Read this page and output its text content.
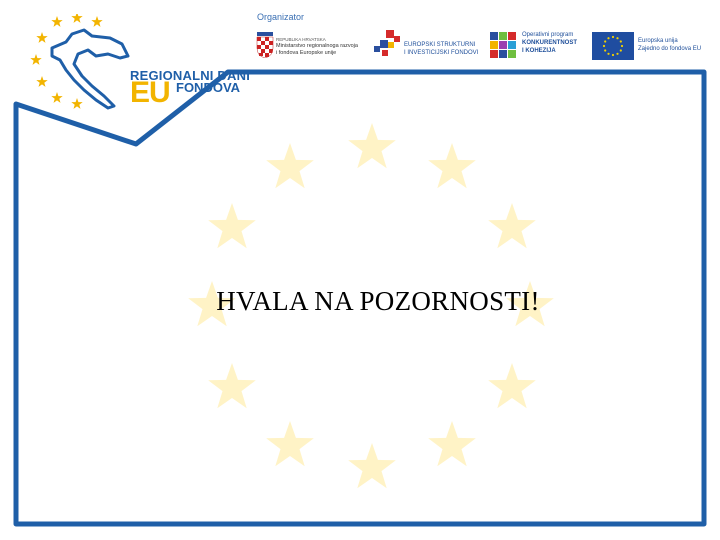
REGIONALNI DANI
EU FONDOVA
Organizator
REPUBLIKA HRVATSKA
Ministarstvo regionalnoga razvoja
i fondova Europske unije
EUROPSKI STRUKTURNI
I INVESTICIJSKI FONDOVI
Operativni program
KONKURENTNOST
I KOHEZIJA
Europska unija
Zajedno do fondova EU
HVALA NA POZORNOSTI!
